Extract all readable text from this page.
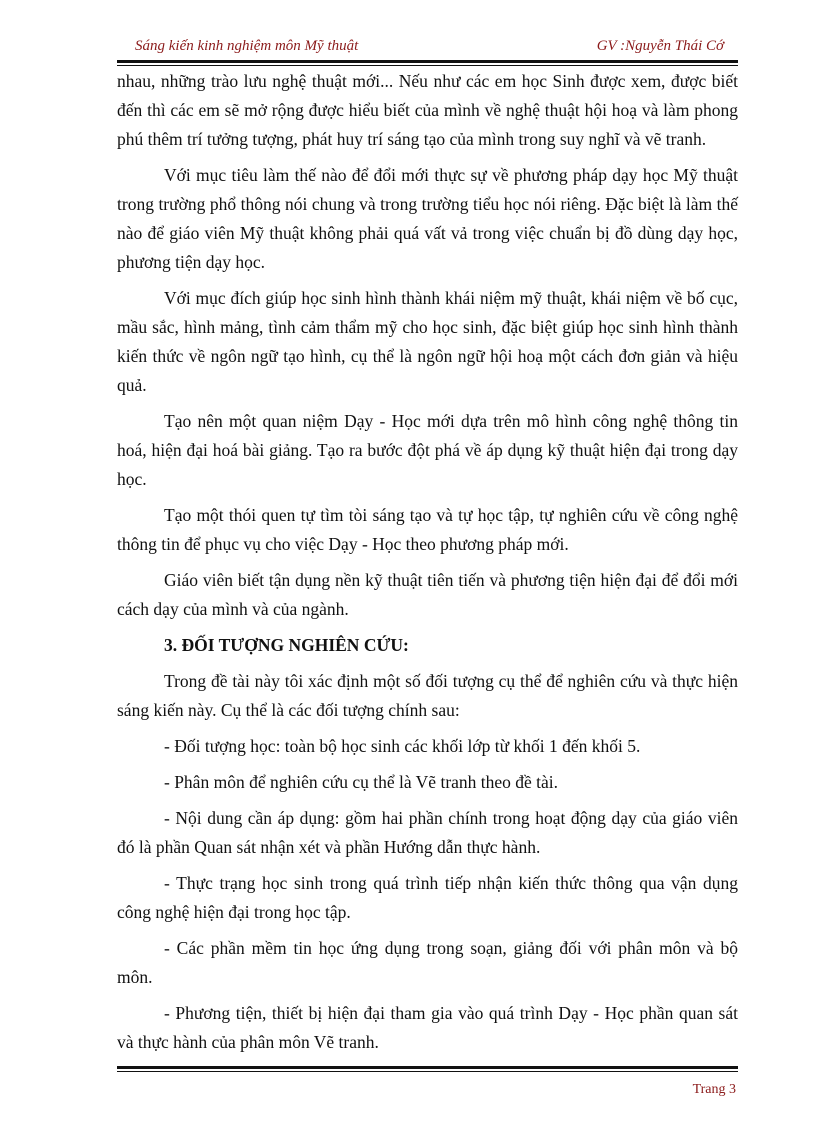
Sáng kiến kinh nghiệm môn Mỹ thuật	GV :Nguyễn Thái Cớ

nhau, những trào lưu nghệ thuật mới... Nếu như các em học Sinh được xem, được biết đến thì các em sẽ mở rộng được hiểu biết của mình về nghệ thuật hội hoạ và làm phong phú thêm trí tưởng tượng, phát huy trí sáng tạo của mình trong suy nghĩ và vẽ tranh.

Với mục tiêu làm thế nào để đổi mới thực sự về phương pháp dạy học Mỹ thuật trong trường phổ thông nói chung và trong trường tiểu học nói riêng. Đặc biệt là làm thế nào để giáo viên Mỹ thuật không phải quá vất vả trong việc chuẩn bị đồ dùng dạy học, phương tiện dạy học.

Với mục đích giúp học sinh hình thành khái niệm mỹ thuật, khái niệm về bố cục, mầu sắc, hình mảng, tình cảm thẩm mỹ cho học sinh, đặc biệt giúp học sinh hình thành kiến thức về ngôn ngữ tạo hình, cụ thể là ngôn ngữ hội hoạ một cách đơn giản và hiệu quả.

Tạo nên một quan niệm Dạy - Học mới dựa trên mô hình công nghệ thông tin hoá, hiện đại hoá bài giảng. Tạo ra bước đột phá về áp dụng kỹ thuật hiện đại trong dạy học.

Tạo một thói quen tự tìm tòi sáng tạo và tự học tập, tự nghiên cứu về công nghệ thông tin để phục vụ cho việc Dạy - Học theo phương pháp mới.

Giáo viên biết tận dụng nền kỹ thuật tiên tiến và phương tiện hiện đại để đổi mới cách dạy của mình và của ngành.

3. ĐỐI TƯỢNG NGHIÊN CỨU:

Trong đề tài này tôi xác định một số đối tượng cụ thể để nghiên cứu và thực hiện sáng kiến này. Cụ thể là các đối tượng chính sau:

- Đối tượng học: toàn bộ học sinh các khối lớp từ khối 1 đến khối 5.

- Phân môn để nghiên cứu cụ thể là Vẽ tranh theo đề tài.

- Nội dung cần áp dụng: gồm hai phần chính trong hoạt động dạy của giáo viên đó là phần Quan sát nhận xét và phần Hướng dẫn thực hành.

- Thực trạng học sinh trong quá trình tiếp nhận kiến thức thông qua vận dụng công nghệ hiện đại trong học tập.

- Các phần mềm tin học ứng dụng trong soạn, giảng đối với phân môn và bộ môn.

- Phương tiện, thiết bị hiện đại tham gia vào quá trình Dạy - Học phần quan sát và thực hành của phân môn Vẽ tranh.

Trang 3
